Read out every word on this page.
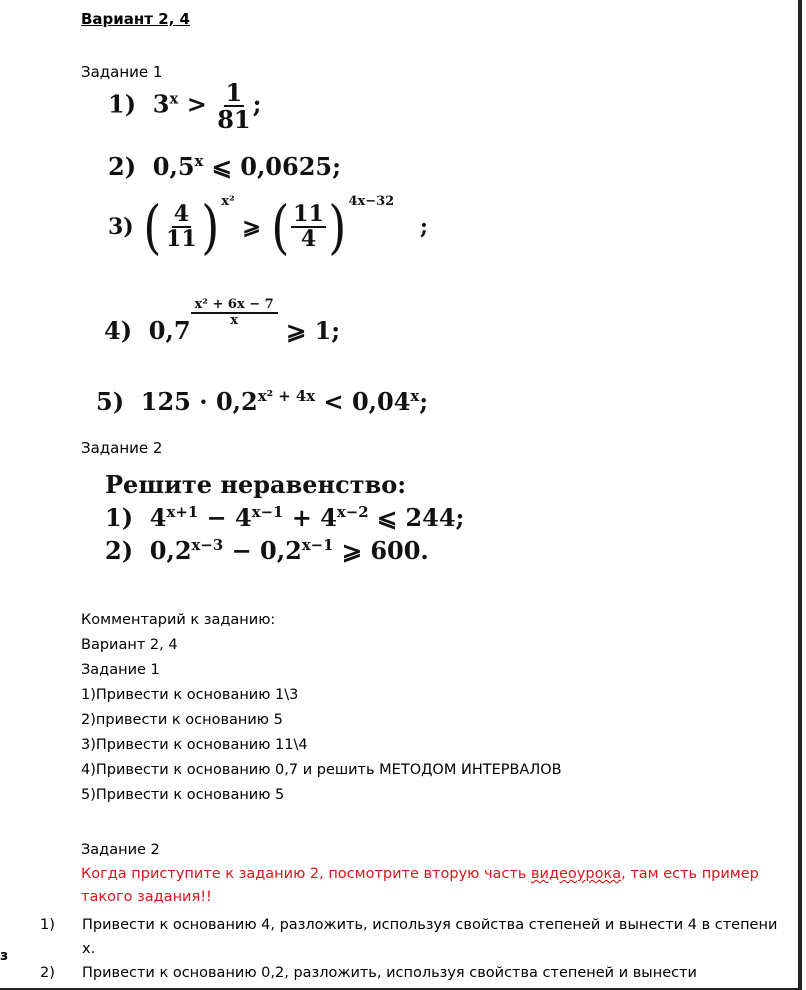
з
Вариант 2, 4
Задание 1
1) $3^x > \frac{1}{81}$ ;
2) 0,5$^x$ ⩽ 0,0625;
3) ( $\frac{4}{11}$ ) $^{x^2}$ ⩾ ( $\frac{11}{4}$ ) $^{4x-32}$ ;
4) 0,7
$\frac{\text{x² + 6x − 7}}{x}$
⩾ 1;
5) $125 \cdot 0,2^{x^2 + 4x} < 0,04^x$;
Задание 2
Решите неравенство:
1) $4^{x+1} - 4^{x-1} + 4^{x-2}$ ⩽ 244;
2) $0,2^{x-3} - 0,2^{x-1}$ ⩾ 600.
Комментарий к заданию:
Вариант 2, 4
Задание 1
1)Привести к основанию 1\3
2)привести к основанию 5
3)Привести к основанию 11\4
4)Привести к основанию 0,7 и решить МЕТОДОМ ИНТЕРВАЛОВ
5)Привести к основанию 5
Задание 2
Когда приступите к заданию 2, посмотрите вторую часть видеоурока, там есть пример такого задания!!
1)	Привести к основанию 4, разложить, используя свойства степеней и вынести 4 в степени х.
2)	Привести к основанию 0,2, разложить, используя свойства степеней и вынести
